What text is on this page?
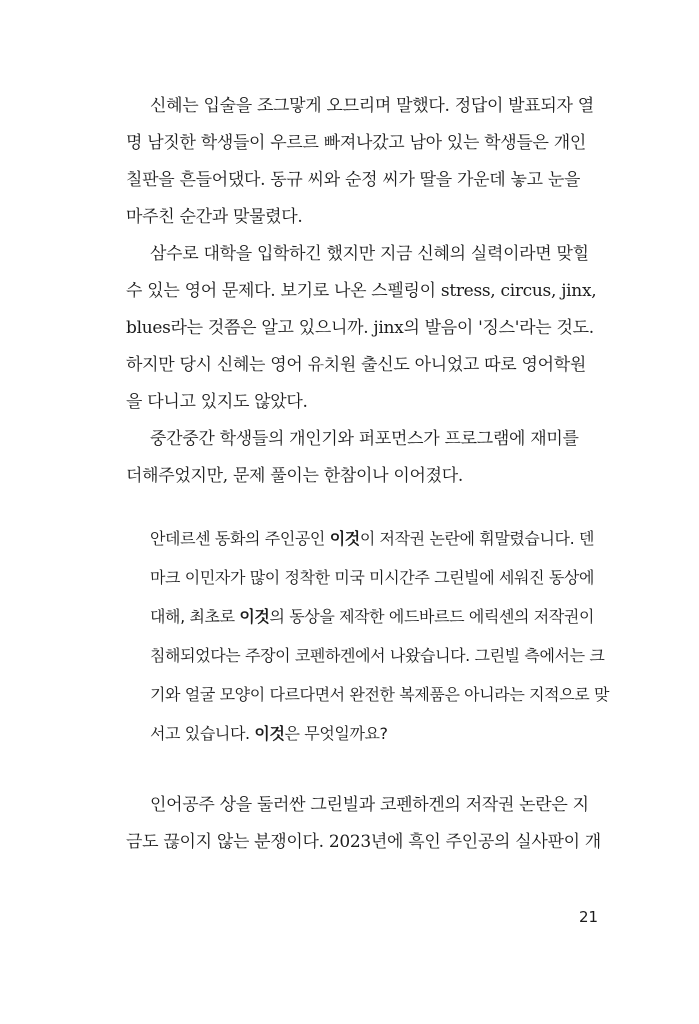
신혜는 입술을 조그맣게 오므리며 말했다. 정답이 발표되자 열
명 남짓한 학생들이 우르르 빠져나갔고 남아 있는 학생들은 개인
칠판을 흔들어댔다. 동규 씨와 순정 씨가 딸을 가운데 놓고 눈을
마주친 순간과 맞물렸다.
삼수로 대학을 입학하긴 했지만 지금 신혜의 실력이라면 맞힐
수 있는 영어 문제다. 보기로 나온 스펠링이 stress, circus, jinx,
blues라는 것쯤은 알고 있으니까. jinx의 발음이 '징스'라는 것도.
하지만 당시 신혜는 영어 유치원 출신도 아니었고 따로 영어학원
을 다니고 있지도 않았다.
중간중간 학생들의 개인기와 퍼포먼스가 프로그램에 재미를
더해주었지만, 문제 풀이는 한참이나 이어졌다.
안데르센 동화의 주인공인 이것이 저작권 논란에 휘말렸습니다. 덴
마크 이민자가 많이 정착한 미국 미시간주 그린빌에 세워진 동상에
대해, 최초로 이것의 동상을 제작한 에드바르드 에릭센의 저작권이
침해되었다는 주장이 코펜하겐에서 나왔습니다. 그린빌 측에서는 크
기와 얼굴 모양이 다르다면서 완전한 복제품은 아니라는 지적으로 맞
서고 있습니다. 이것은 무엇일까요?
인어공주 상을 둘러싼 그린빌과 코펜하겐의 저작권 논란은 지
금도 끊이지 않는 분쟁이다. 2023년에 흑인 주인공의 실사판이 개
21
